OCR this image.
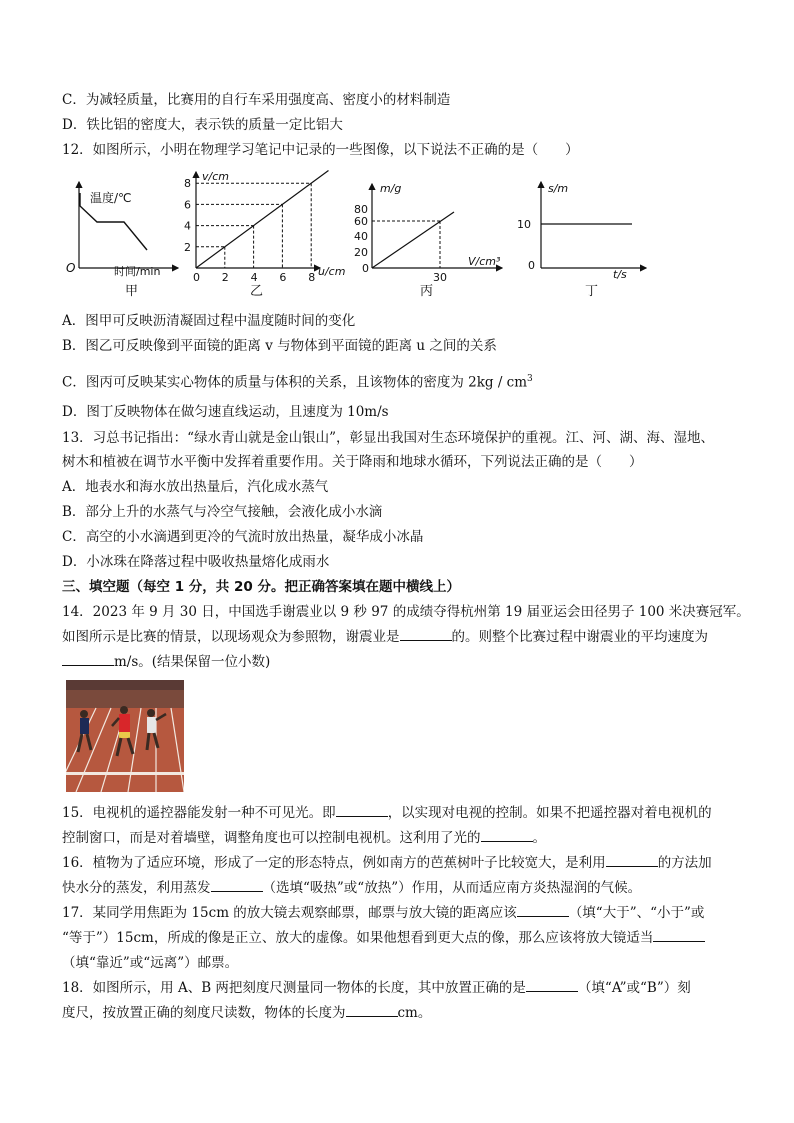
C．为减轻质量，比赛用的自行车采用强度高、密度小的材料制造
D．铁比铝的密度大，表示铁的质量一定比铝大
12．如图所示，小明在物理学习笔记中记录的一些图像，以下说法不正确的是（　　）
温度/℃
O	时间/min
甲
0 2 4 6 8
2
4
6
8
v/cm
u/cm
乙
80
60
40
20
0
30
m/g
V/cm³
丙
s/m
10
0
t/s
丁
A．图甲可反映沥清凝固过程中温度随时间的变化
B．图乙可反映像到平面镜的距离 v 与物体到平面镜的距离 u 之间的关系
C．图丙可反映某实心物体的质量与体积的关系，且该物体的密度为 $2kg / cm^3$
D．图丁反映物体在做匀速直线运动，且速度为 10m/s
13．习总书记指出：“绿水青山就是金山银山”，彰显出我国对生态环境保护的重视。江、河、湖、海、湿地、
树木和植被在调节水平衡中发挥着重要作用。关于降雨和地球水循环，下列说法正确的是（　　）
A．地表水和海水放出热量后，汽化成水蒸气
B．部分上升的水蒸气与冷空气接触，会液化成小水滴
C．高空的小水滴遇到更冷的气流时放出热量，凝华成小冰晶
D．小冰珠在降落过程中吸收热量熔化成雨水
三、填空题（每空 1 分，共 20 分。把正确答案填在题中横线上）
14．2023 年 9 月 30 日，中国选手谢震业以 9 秒 97 的成绩夺得杭州第 19 届亚运会田径男子 100 米决赛冠军。
如图所示是比赛的情景，以现场观众为参照物，谢震业是	的。则整个比赛过程中谢震业的平均速度为
m/s。(结果保留一位小数)
15．电视机的遥控器能发射一种不可见光。即	，以实现对电视的控制。如果不把遥控器对着电视机的
控制窗口，而是对着墙壁，调整角度也可以控制电视机。这利用了光的	。
16．植物为了适应环境，形成了一定的形态特点，例如南方的芭蕉树叶子比较宽大，是利用	的方法加
快水分的蒸发，利用蒸发	（选填“吸热”或“放热”）作用，从而适应南方炎热湿润的气候。
17．某同学用焦距为 15cm 的放大镜去观察邮票，邮票与放大镜的距离应该	（填“大于”、“小于”或
“等于”）15cm，所成的像是正立、放大的虚像。如果他想看到更大点的像，那么应该将放大镜适当
（填“靠近”或“远离”）邮票。
18．如图所示，用 A、B 两把刻度尺测量同一物体的长度，其中放置正确的是	（填“A”或“B”）刻
度尺，按放置正确的刻度尺读数，物体的长度为	cm。
